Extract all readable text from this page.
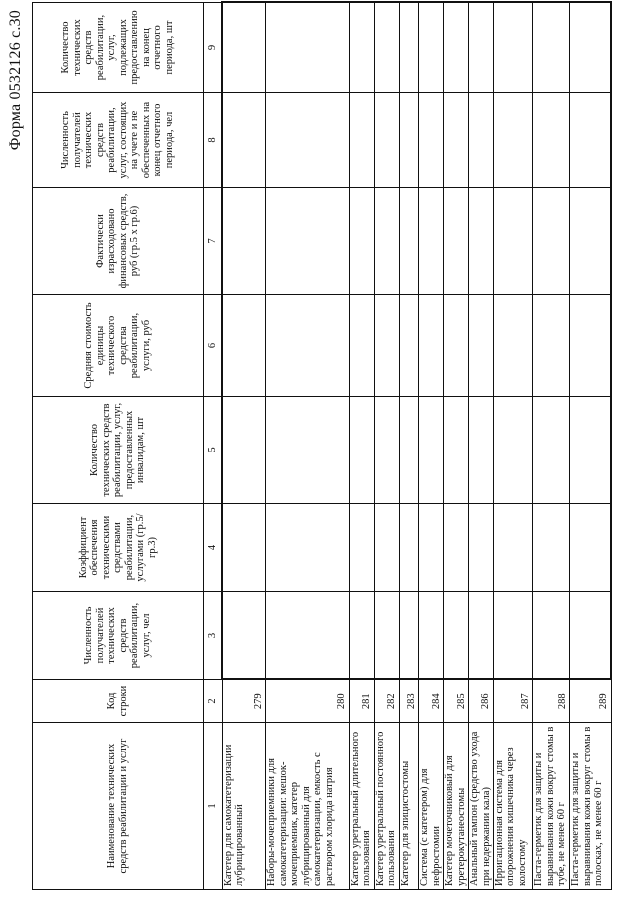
Форма 0532126 с.30
Наименование технических средств реабилитации и услуг	Код строки	Численность получателей технических средств реабилитации, услуг, чел	Коэффициент обеспечения техническими средствами реабилитации, услугами (гр.5/гр.3)	Количество технических средств реабилитации, услуг, предоставленных инвалидам, шт	Средняя стоимость единицы технического средства реабилитации, услуги, руб	Фактически израсходовано финансовых средств, руб (гр.5 х гр.6)	Численность получателей технических средств реабилитации, услуг, состоящих на учете и не обеспеченных на конец отчетного периода, чел	Количество технических средств реабилитации, услуг, подлежащих предоставлению на конец отчетного периода, шт
1	2	3	4	5	6	7	8	9
Катетер для самокатетеризации лубрицированный	279							
Наборы-мочеприемники для самокатетеризации: мешок-мочеприемник, катетер лубрицированный для самокатетеризации, емкость с раствором хлорида натрия	280							
Катетер уретральный длительного пользования	281							
Катетер уретральный постоянного пользования	282							
Катетер для эпицистостомы	283							
Система (с катетером) для нефростомии	284							
Катетер мочеточниковый для уретерокутанеостомы	285							
Анальный тампон (средство ухода при недержании кала)	286							
Ирригационная система для опорожнения кишечника через колостому	287							
Паста-герметик для защиты и выравнивания кожи вокруг стомы в тубе, не менее 60 г	288							
Паста-герметик для защиты и выравнивания кожи вокруг стомы в полосках, не менее 60 г	289							
